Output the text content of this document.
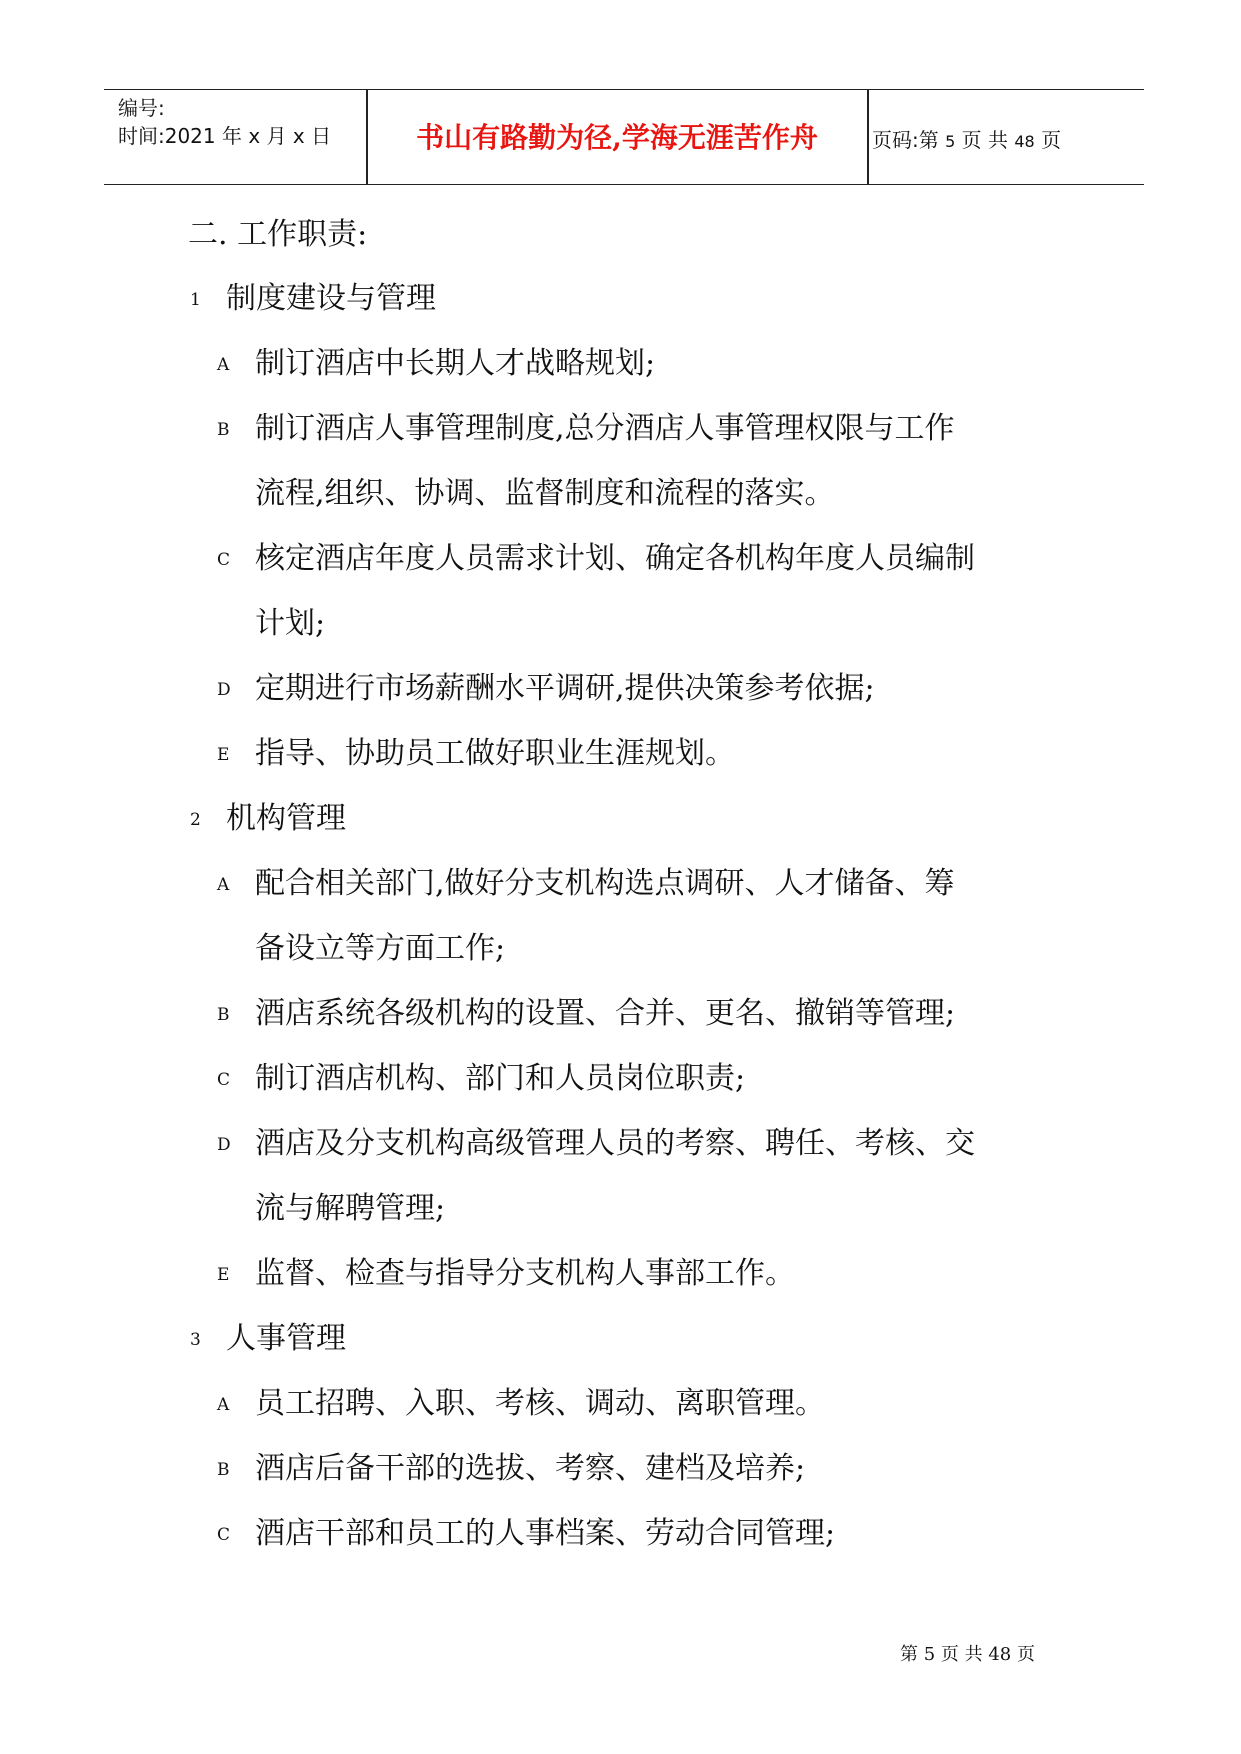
编号:
时间:2021 年 x 月 x 日	书山有路勤为径,学海无涯苦作舟	页码:第 5 页 共 48 页
二. 工作职责:
1 制度建设与管理
A 制订酒店中长期人才战略规划;
B 制订酒店人事管理制度,总分酒店人事管理权限与工作
流程,组织、协调、监督制度和流程的落实。
C 核定酒店年度人员需求计划、确定各机构年度人员编制
计划;
D 定期进行市场薪酬水平调研,提供决策参考依据;
E 指导、协助员工做好职业生涯规划。
2 机构管理
A 配合相关部门,做好分支机构选点调研、人才储备、筹
备设立等方面工作;
B 酒店系统各级机构的设置、合并、更名、撤销等管理;
C 制订酒店机构、部门和人员岗位职责;
D 酒店及分支机构高级管理人员的考察、聘任、考核、交
流与解聘管理;
E 监督、检查与指导分支机构人事部工作。
3 人事管理
A 员工招聘、入职、考核、调动、离职管理。
B 酒店后备干部的选拔、考察、建档及培养;
C 酒店干部和员工的人事档案、劳动合同管理;
第 5 页 共 48 页
